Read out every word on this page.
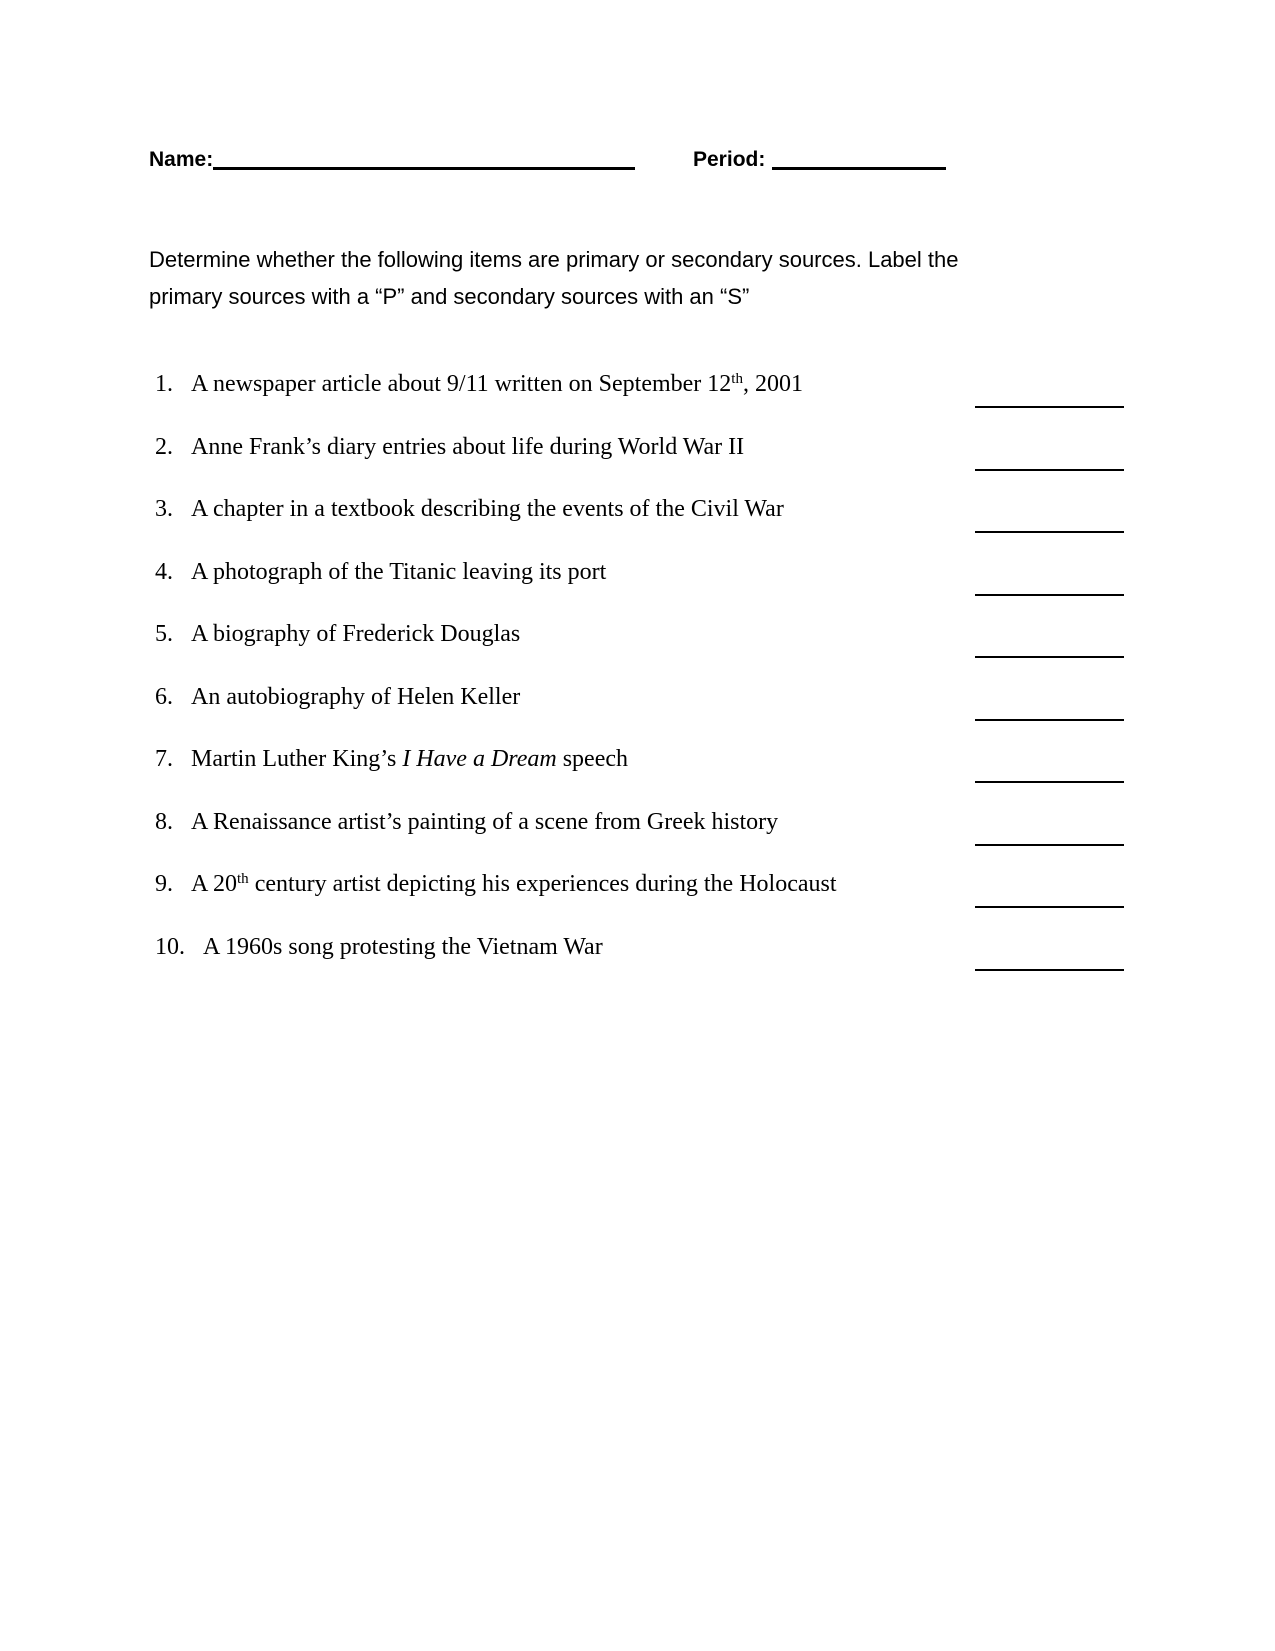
Name:	Period:
Determine whether the following items are primary or secondary sources. Label the
primary sources with a “P” and secondary sources with an “S”
1. A newspaper article about 9/11 written on September 12th, 2001
2. Anne Frank’s diary entries about life during World War II
3. A chapter in a textbook describing the events of the Civil War
4. A photograph of the Titanic leaving its port
5. A biography of Frederick Douglas
6. An autobiography of Helen Keller
7. Martin Luther King’s I Have a Dream speech
8. A Renaissance artist’s painting of a scene from Greek history
9. A 20th century artist depicting his experiences during the Holocaust
10. A 1960s song protesting the Vietnam War
